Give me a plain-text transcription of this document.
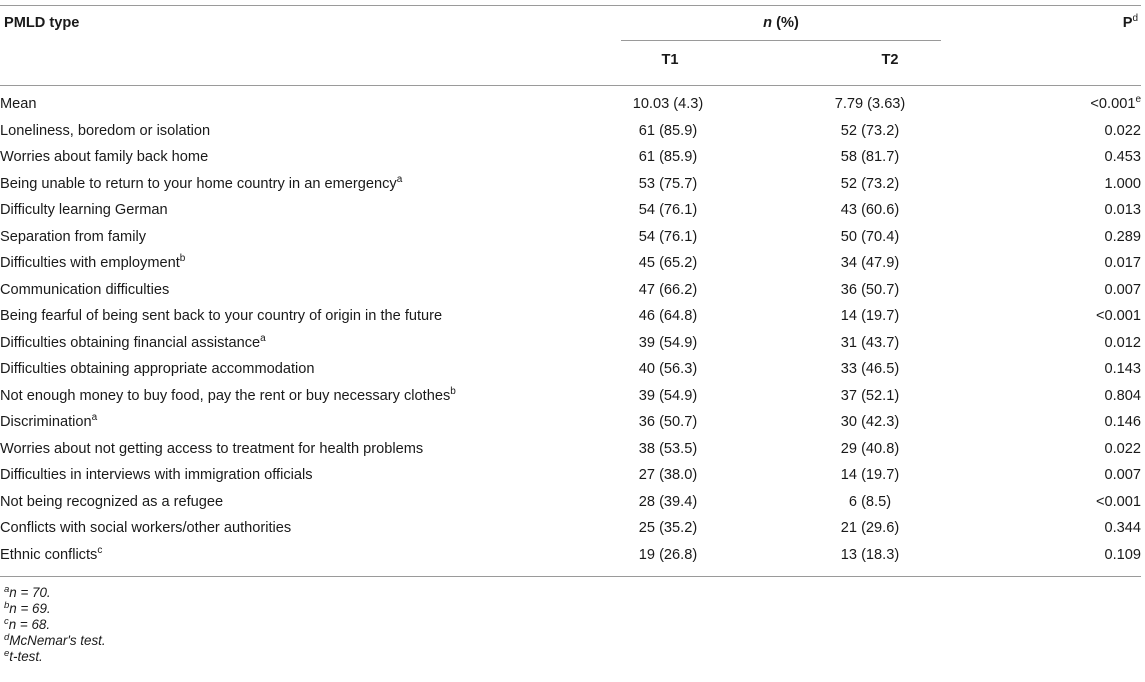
PMLD type	n (%)	$P^d$
T1	T2
Mean	10.03 (4.3)	7.79 (3.63)	<0.001$^e$
Loneliness, boredom or isolation	61 (85.9)	52 (73.2)	0.022
Worries about family back home	61 (85.9)	58 (81.7)	0.453
Being unable to return to your home country in an emergency$^a$	53 (75.7)	52 (73.2)	1.000
Difficulty learning German	54 (76.1)	43 (60.6)	0.013
Separation from family	54 (76.1)	50 (70.4)	0.289
Difficulties with employment$^b$	45 (65.2)	34 (47.9)	0.017
Communication difficulties	47 (66.2)	36 (50.7)	0.007
Being fearful of being sent back to your country of origin in the future	46 (64.8)	14 (19.7)	<0.001
Difficulties obtaining financial assistance$^a$	39 (54.9)	31 (43.7)	0.012
Difficulties obtaining appropriate accommodation	40 (56.3)	33 (46.5)	0.143
Not enough money to buy food, pay the rent or buy necessary clothes$^b$	39 (54.9)	37 (52.1)	0.804
Discrimination$^a$	36 (50.7)	30 (42.3)	0.146
Worries about not getting access to treatment for health problems	38 (53.5)	29 (40.8)	0.022
Difficulties in interviews with immigration officials	27 (38.0)	14 (19.7)	0.007
Not being recognized as a refugee	28 (39.4)	6 (8.5)	<0.001
Conflicts with social workers/other authorities	25 (35.2)	21 (29.6)	0.344
Ethnic conflicts$^c$	19 (26.8)	13 (18.3)	0.109
$^a$n = 70.
$^b$n = 69.
$^c$n = 68.
$^d$McNemar's test.
$^e$t-test.
